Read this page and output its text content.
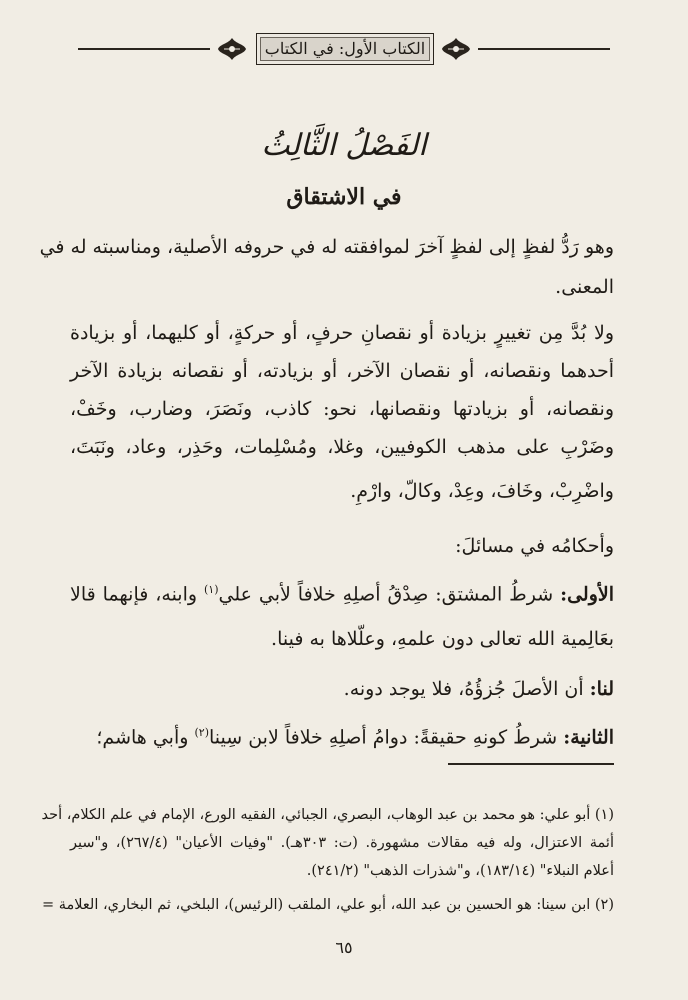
الكتاب الأول: في الكتاب
الفَصْلُ الثَّالِثُ
في الاشتقاق
وهو رَدُّ لفظٍ إلى لفظٍ آخرَ لموافقته له في حروفه الأصلية، ومناسبته له في
المعنى.
ولا بُدَّ مِن تغييرٍ بزيادة أو نقصانِ حرفٍ، أو حركةٍ، أو كليهما، أو بزيادة
أحدهما ونقصانه، أو نقصان الآخر، أو بزيادته، أو نقصانه بزيادة الآخر
ونقصانه، أو بزيادتها ونقصانها، نحو: كاذب، ونَصَرَ، وضارب، وخَفْ،
وضَرْبِ على مذهب الكوفيين، وغلا، ومُسْلِمات، وحَذِر، وعاد، ونَبَتَ،
واضْرِبْ، وخَافَ، وعِدْ، وكالّ، وارْمِ.
وأحكامُه في مسائلَ:
الأولى: شرطُ المشتق: صِدْقُ أصلِهِ خلافاً لأبي علي$^{(١)}$ وابنه، فإنهما قالا
بعَالِمية الله تعالى دون علمهِ، وعلّلاها به فينا.
لنا: أن الأصلَ جُزؤُهُ، فلا يوجد دونه.
الثانية: شرطُ كونهِ حقيقةً: دوامُ أصلِهِ خلافاً لابن سِينا$^{(٢)}$ وأبي هاشم؛
(١) أبو علي: هو محمد بن عبد الوهاب، البصري، الجبائي، الفقيه الورع، الإمام في علم الكلام، أحد
أئمة الاعتزال، وله فيه مقالات مشهورة. (ت: ٣٠٣هـ). "وفيات الأعيان" (٢٦٧/٤)، و"سير
أعلام النبلاء" (١٨٣/١٤)، و"شذرات الذهب" (٢٤١/٢).
(٢) ابن سينا: هو الحسين بن عبد الله، أبو علي، الملقب (الرئيس)، البلخي، ثم البخاري، العلامة =
٦٥
